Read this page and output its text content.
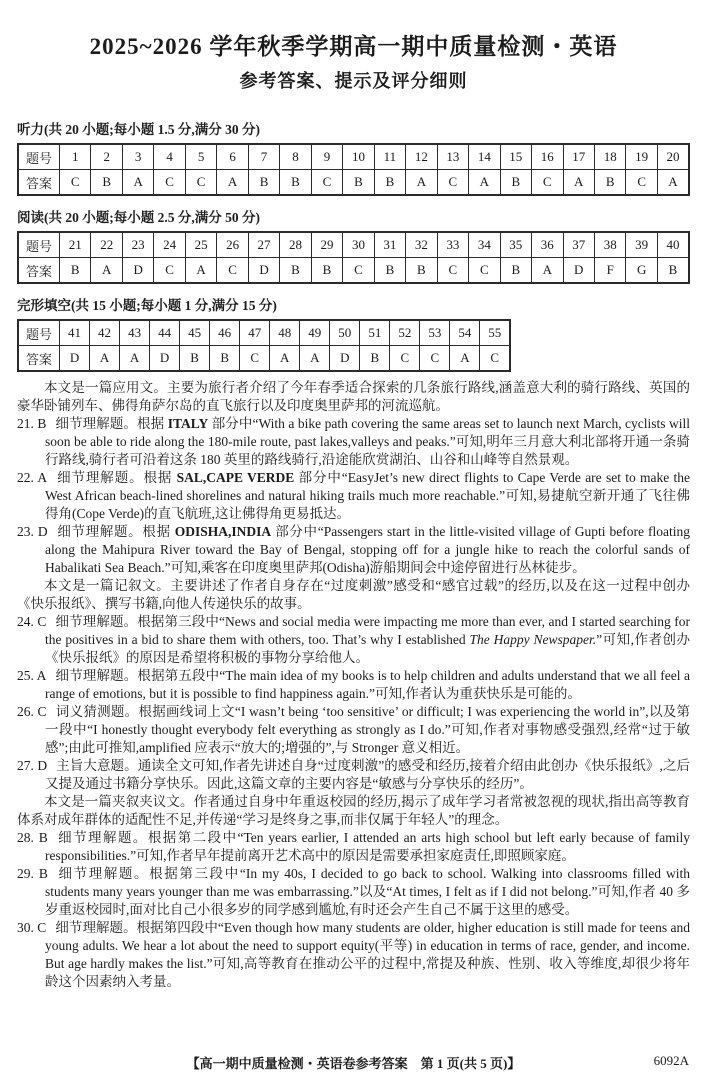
2025~2026 学年秋季学期高一期中质量检测・英语
参考答案、提示及评分细则
听力(共 20 小题;每小题 1.5 分,满分 30 分)
题号	1	2	3	4	5	6	7	8	9	10	11	12	13	14	15	16	17	18	19	20
答案	C	B	A	C	C	A	B	B	C	B	B	A	C	A	B	C	A	B	C	A
阅读(共 20 小题;每小题 2.5 分,满分 50 分)
题号	21	22	23	24	25	26	27	28	29	30	31	32	33	34	35	36	37	38	39	40
答案	B	A	D	C	A	C	D	B	B	C	B	B	C	C	B	A	D	F	G	B
完形填空(共 15 小题;每小题 1 分,满分 15 分)
题号	41	42	43	44	45	46	47	48	49	50	51	52	53	54	55
答案	D	A	A	D	B	B	C	A	A	D	B	C	C	A	C
本文是一篇应用文。主要为旅行者介绍了今年春季适合探索的几条旅行路线,涵盖意大利的骑行路线、英国的豪华卧铺列车、佛得角萨尔岛的直飞旅行以及印度奥里萨邦的河流巡航。
21. B 细节理解题。根据 ITALY 部分中“With a bike path covering the same areas set to launch next March, cyclists will soon be able to ride along the 180-mile route, past lakes,valleys and peaks.”可知,明年三月意大利北部将开通一条骑行路线,骑行者可沿着这条 180 英里的路线骑行,沿途能欣赏湖泊、山谷和山峰等自然景观。
22. A 细节理解题。根据 SAL,CAPE VERDE 部分中“EasyJet’s new direct flights to Cape Verde are set to make the West African beach-lined shorelines and natural hiking trails much more reachable.”可知,易捷航空新开通了飞往佛得角(Cope Verde)的直飞航班,这让佛得角更易抵达。
23. D 细节理解题。根据 ODISHA,INDIA 部分中“Passengers start in the little-visited village of Gupti before floating along the Mahipura River toward the Bay of Bengal, stopping off for a jungle hike to reach the colorful sands of Habalikati Sea Beach.”可知,乘客在印度奥里萨邦(Odisha)游船期间会中途停留进行丛林徒步。
本文是一篇记叙文。主要讲述了作者自身存在“过度刺激”感受和“感官过载”的经历,以及在这一过程中创办《快乐报纸》、撰写书籍,向他人传递快乐的故事。
24. C 细节理解题。根据第三段中“News and social media were impacting me more than ever, and I started searching for the positives in a bid to share them with others, too. That’s why I established The Happy Newspaper.”可知,作者创办《快乐报纸》的原因是希望将积极的事物分享给他人。
25. A 细节理解题。根据第五段中“The main idea of my books is to help children and adults understand that we all feel a range of emotions, but it is possible to find happiness again.”可知,作者认为重获快乐是可能的。
26. C 词义猜测题。根据画线词上文“I wasn’t being ‘too sensitive’ or difficult; I was experiencing the world in”,以及第一段中“I honestly thought everybody felt everything as strongly as I do.”可知,作者对事物感受强烈,经常“过于敏感”;由此可推知,amplified 应表示“放大的;增强的”,与 Stronger 意义相近。
27. D 主旨大意题。通读全文可知,作者先讲述自身“过度刺激”的感受和经历,接着介绍由此创办《快乐报纸》,之后又提及通过书籍分享快乐。因此,这篇文章的主要内容是“敏感与分享快乐的经历”。
本文是一篇夹叙夹议文。作者通过自身中年重返校园的经历,揭示了成年学习者常被忽视的现状,指出高等教育体系对成年群体的适配性不足,并传递“学习是终身之事,而非仅属于年轻人”的理念。
28. B 细节理解题。根据第二段中“Ten years earlier, I attended an arts high school but left early because of family responsibilities.”可知,作者早年提前离开艺术高中的原因是需要承担家庭责任,即照顾家庭。
29. B 细节理解题。根据第三段中“In my 40s, I decided to go back to school. Walking into classrooms filled with students many years younger than me was embarrassing.”以及“At times, I felt as if I did not belong.”可知,作者 40 多岁重返校园时,面对比自己小很多岁的同学感到尴尬,有时还会产生自己不属于这里的感受。
30. C 细节理解题。根据第四段中“Even though how many students are older, higher education is still made for teens and young adults. We hear a lot about the need to support equity(平等) in education in terms of race, gender, and income. But age hardly makes the list.”可知,高等教育在推动公平的过程中,常提及种族、性别、收入等维度,却很少将年龄这个因素纳入考量。
【高一期中质量检测・英语卷参考答案　第 1 页(共 5 页)】	6092A
